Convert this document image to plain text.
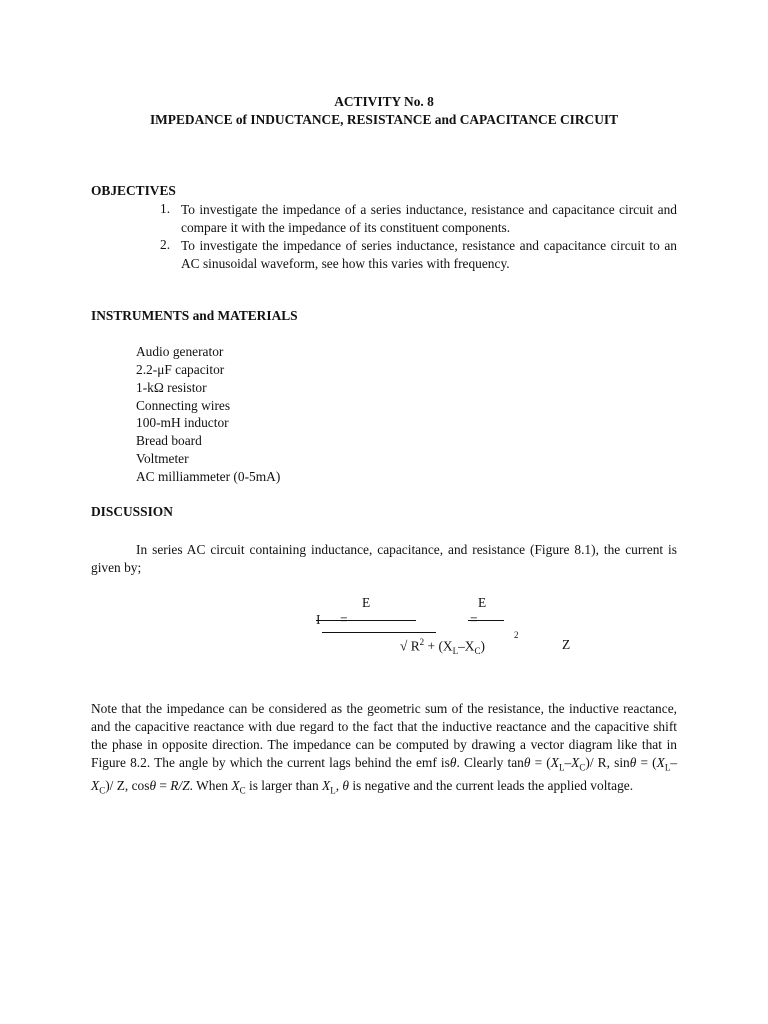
ACTIVITY No. 8
IMPEDANCE of INDUCTANCE, RESISTANCE and CAPACITANCE CIRCUIT
OBJECTIVES
1. To investigate the impedance of a series inductance, resistance and capacitance circuit and compare it with the impedance of its constituent components.
2. To investigate the impedance of series inductance, resistance and capacitance circuit to an AC sinusoidal waveform, see how this varies with frequency.
INSTRUMENTS and MATERIALS
Audio generator
2.2-μF capacitor
1-kΩ resistor
Connecting wires
100-mH inductor
Bread board
Voltmeter
AC milliammeter (0-5mA)
DISCUSSION
In series AC circuit containing inductance, capacitance, and resistance (Figure 8.1), the current is given by;
E
√ $R^2 + (X_L-X_C)$
2
E
Z
Note that the impedance can be considered as the geometric sum of the resistance, the inductive reactance, and the capacitive reactance with due regard to the fact that the inductive reactance and the capacitive shift the phase in opposite direction. The impedance can be computed by drawing a vector diagram like that in Figure 8.2. The angle by which the current lags behind the emf isθ. Clearly $\tan\theta = (X_L-X_C)/$ R, $\sin\theta = (X_L-X_C)/$ Z, cosθ = R/Z. When $X_C$ is larger than $X_L$, θ is negative and the current leads the applied voltage.
